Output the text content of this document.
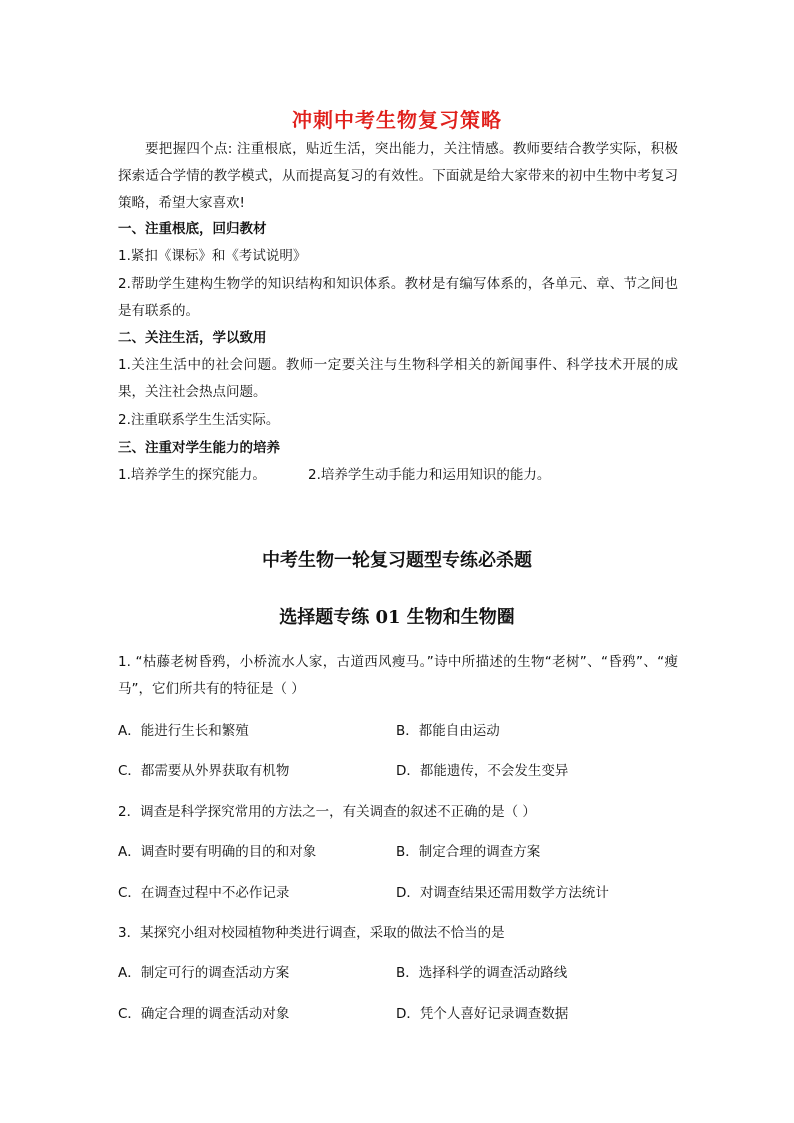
冲刺中考生物复习策略
要把握四个点: 注重根底，贴近生活，突出能力，关注情感。教师要结合教学实际，积极探索适合学情的教学模式，从而提高复习的有效性。下面就是给大家带来的初中生物中考复习策略，希望大家喜欢!
一、注重根底，回归教材
1.紧扣《课标》和《考试说明》
2.帮助学生建构生物学的知识结构和知识体系。教材是有编写体系的，各单元、章、节之间也是有联系的。
二、关注生活，学以致用
1.关注生活中的社会问题。教师一定要关注与生物科学相关的新闻事件、科学技术开展的成果，关注社会热点问题。
2.注重联系学生生活实际。
三、注重对学生能力的培养
1.培养学生的探究能力。	2.培养学生动手能力和运用知识的能力。
中考生物一轮复习题型专练必杀题
选择题专练 01 生物和生物圈
1. “枯藤老树昏鸦，小桥流水人家，古道西风瘦马。”诗中所描述的生物“老树”、“昏鸦”、“瘦马”，它们所共有的特征是（ ）
A．能进行生长和繁殖	B．都能自由运动
C．都需要从外界获取有机物	D．都能遗传，不会发生变异
2．调查是科学探究常用的方法之一，有关调查的叙述不正确的是（ ）
A．调查时要有明确的目的和对象	B．制定合理的调查方案
C．在调查过程中不必作记录	D．对调查结果还需用数学方法统计
3．某探究小组对校园植物种类进行调查，采取的做法不恰当的是
A．制定可行的调查活动方案	B．选择科学的调查活动路线
C．确定合理的调查活动对象	D．凭个人喜好记录调查数据
